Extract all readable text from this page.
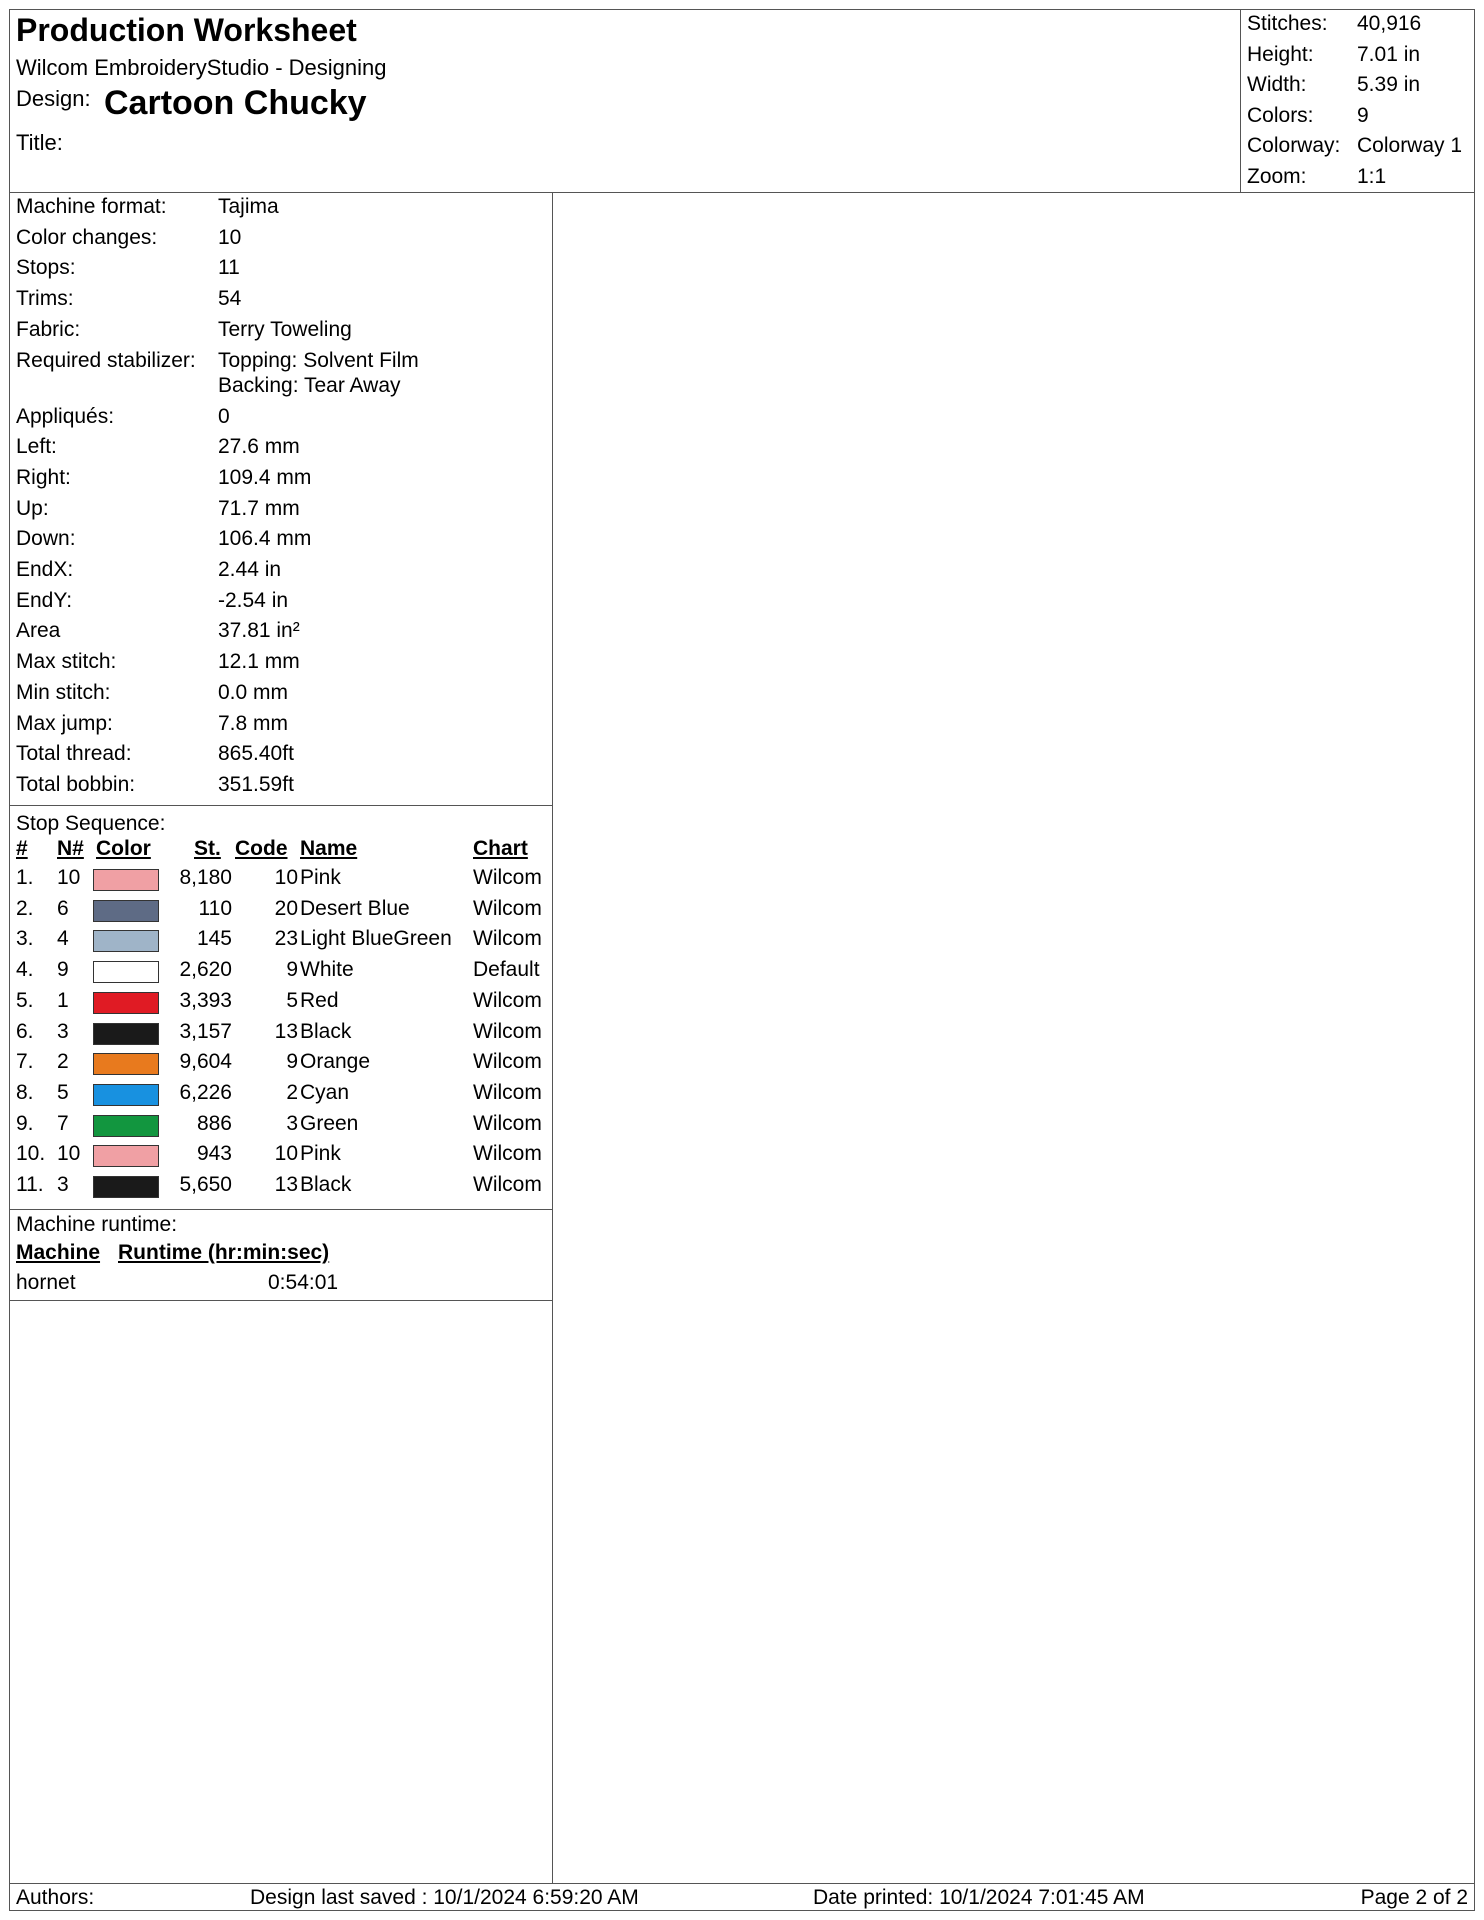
Production Worksheet
Wilcom EmbroideryStudio - Designing
Design: Cartoon Chucky
Title:
Stitches: 40,916
Height: 7.01 in
Width: 5.39 in
Colors: 9
Colorway: Colorway 1
Zoom: 1:1
Machine format: Tajima
Color changes:	10
Stops:	11
Trims:	54
Fabric:	Terry Toweling
Required stabilizer: Topping: Solvent Film
Backing: Tear Away
Appliqués:	0
Left:	27.6 mm
Right:	109.4 mm
Up:	71.7 mm
Down:	106.4 mm
EndX:	2.44 in
EndY:	-2.54 in
Area	37.81 in²
Max stitch:	12.1 mm
Min stitch:	0.0 mm
Max jump:	7.8 mm
Total thread:	865.40ft
Total bobbin:	351.59ft
Stop Sequence:
# N# Color St. Code Name	Chart
1. 10	8,180	10 Pink	Wilcom
2. 6	110	20 Desert Blue	Wilcom
3. 4	145	23 Light BlueGreen Wilcom
4. 9	2,620	9 White	Default
5. 1	3,393	5 Red	Wilcom
6. 3	3,157	13 Black	Wilcom
7. 2	9,604	9 Orange	Wilcom
8. 5	6,226	2 Cyan	Wilcom
9. 7	886	3 Green	Wilcom
10. 10	943	10 Pink	Wilcom
11. 3	5,650	13 Black	Wilcom
Machine runtime:
Machine Runtime (hr:min:sec)
hornet	0:54:01
Authors:	Design last saved : 10/1/2024 6:59:20 AM	Date printed: 10/1/2024 7:01:45 AM	Page 2 of 2
